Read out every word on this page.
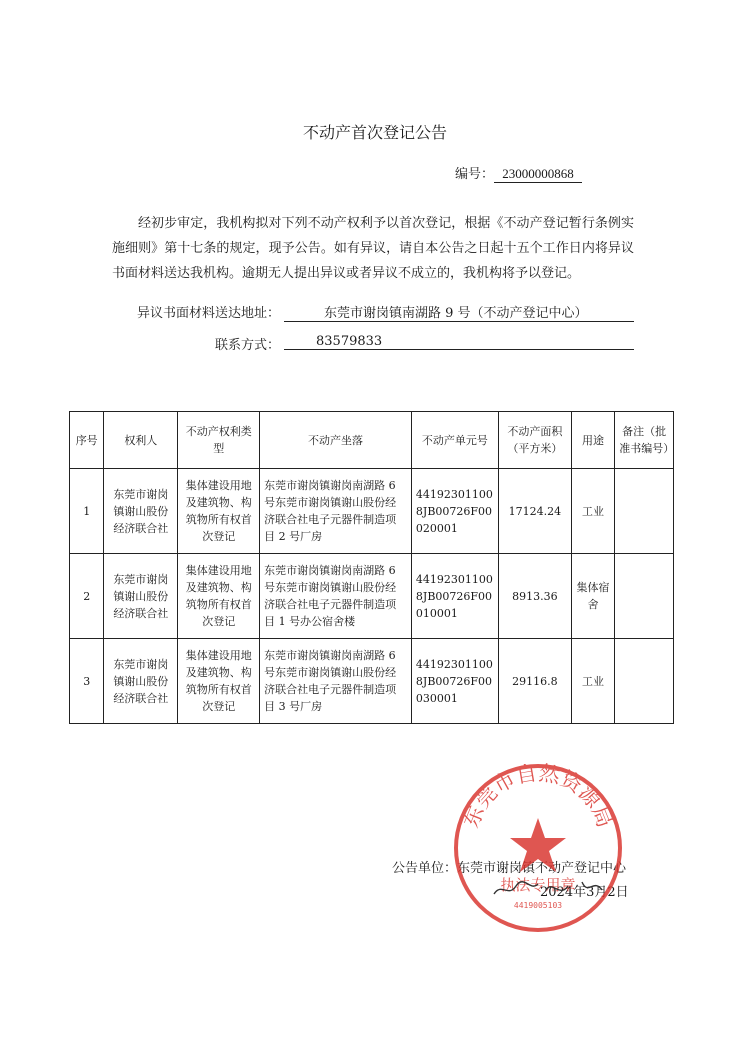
不动产首次登记公告
编号： 23000000868
经初步审定，我机构拟对下列不动产权利予以首次登记，根据《不动产登记暂行条例实施细则》第十七条的规定，现予公告。如有异议，请自本公告之日起十五个工作日内将异议书面材料送达我机构。逾期无人提出异议或者异议不成立的，我机构将予以登记。
异议书面材料送达地址：	东莞市谢岗镇南湖路 9 号（不动产登记中心）
联系方式：	83579833
序号	权利人	不动产权利类型	不动产坐落	不动产单元号	不动产面积（平方米）	用途	备注（批准书编号）
1	东莞市谢岗镇谢山股份经济联合社	集体建设用地及建筑物、构筑物所有权首次登记	东莞市谢岗镇谢岗南湖路 6 号东莞市谢岗镇谢山股份经济联合社电子元器件制造项目 2 号厂房	441923011008JB00726F00020001	17124.24	工业	
2	东莞市谢岗镇谢山股份经济联合社	集体建设用地及建筑物、构筑物所有权首次登记	东莞市谢岗镇谢岗南湖路 6 号东莞市谢岗镇谢山股份经济联合社电子元器件制造项目 1 号办公宿舍楼	441923011008JB00726F00010001	8913.36	集体宿舍	
3	东莞市谢岗镇谢山股份经济联合社	集体建设用地及建筑物、构筑物所有权首次登记	东莞市谢岗镇谢岗南湖路 6 号东莞市谢岗镇谢山股份经济联合社电子元器件制造项目 3 号厂房	441923011008JB00726F00030001	29116.8	工业	
公告单位：东莞市谢岗镇不动产登记中心
2024年3月2日
东莞市自然资源局
执法专用章
4419005103
